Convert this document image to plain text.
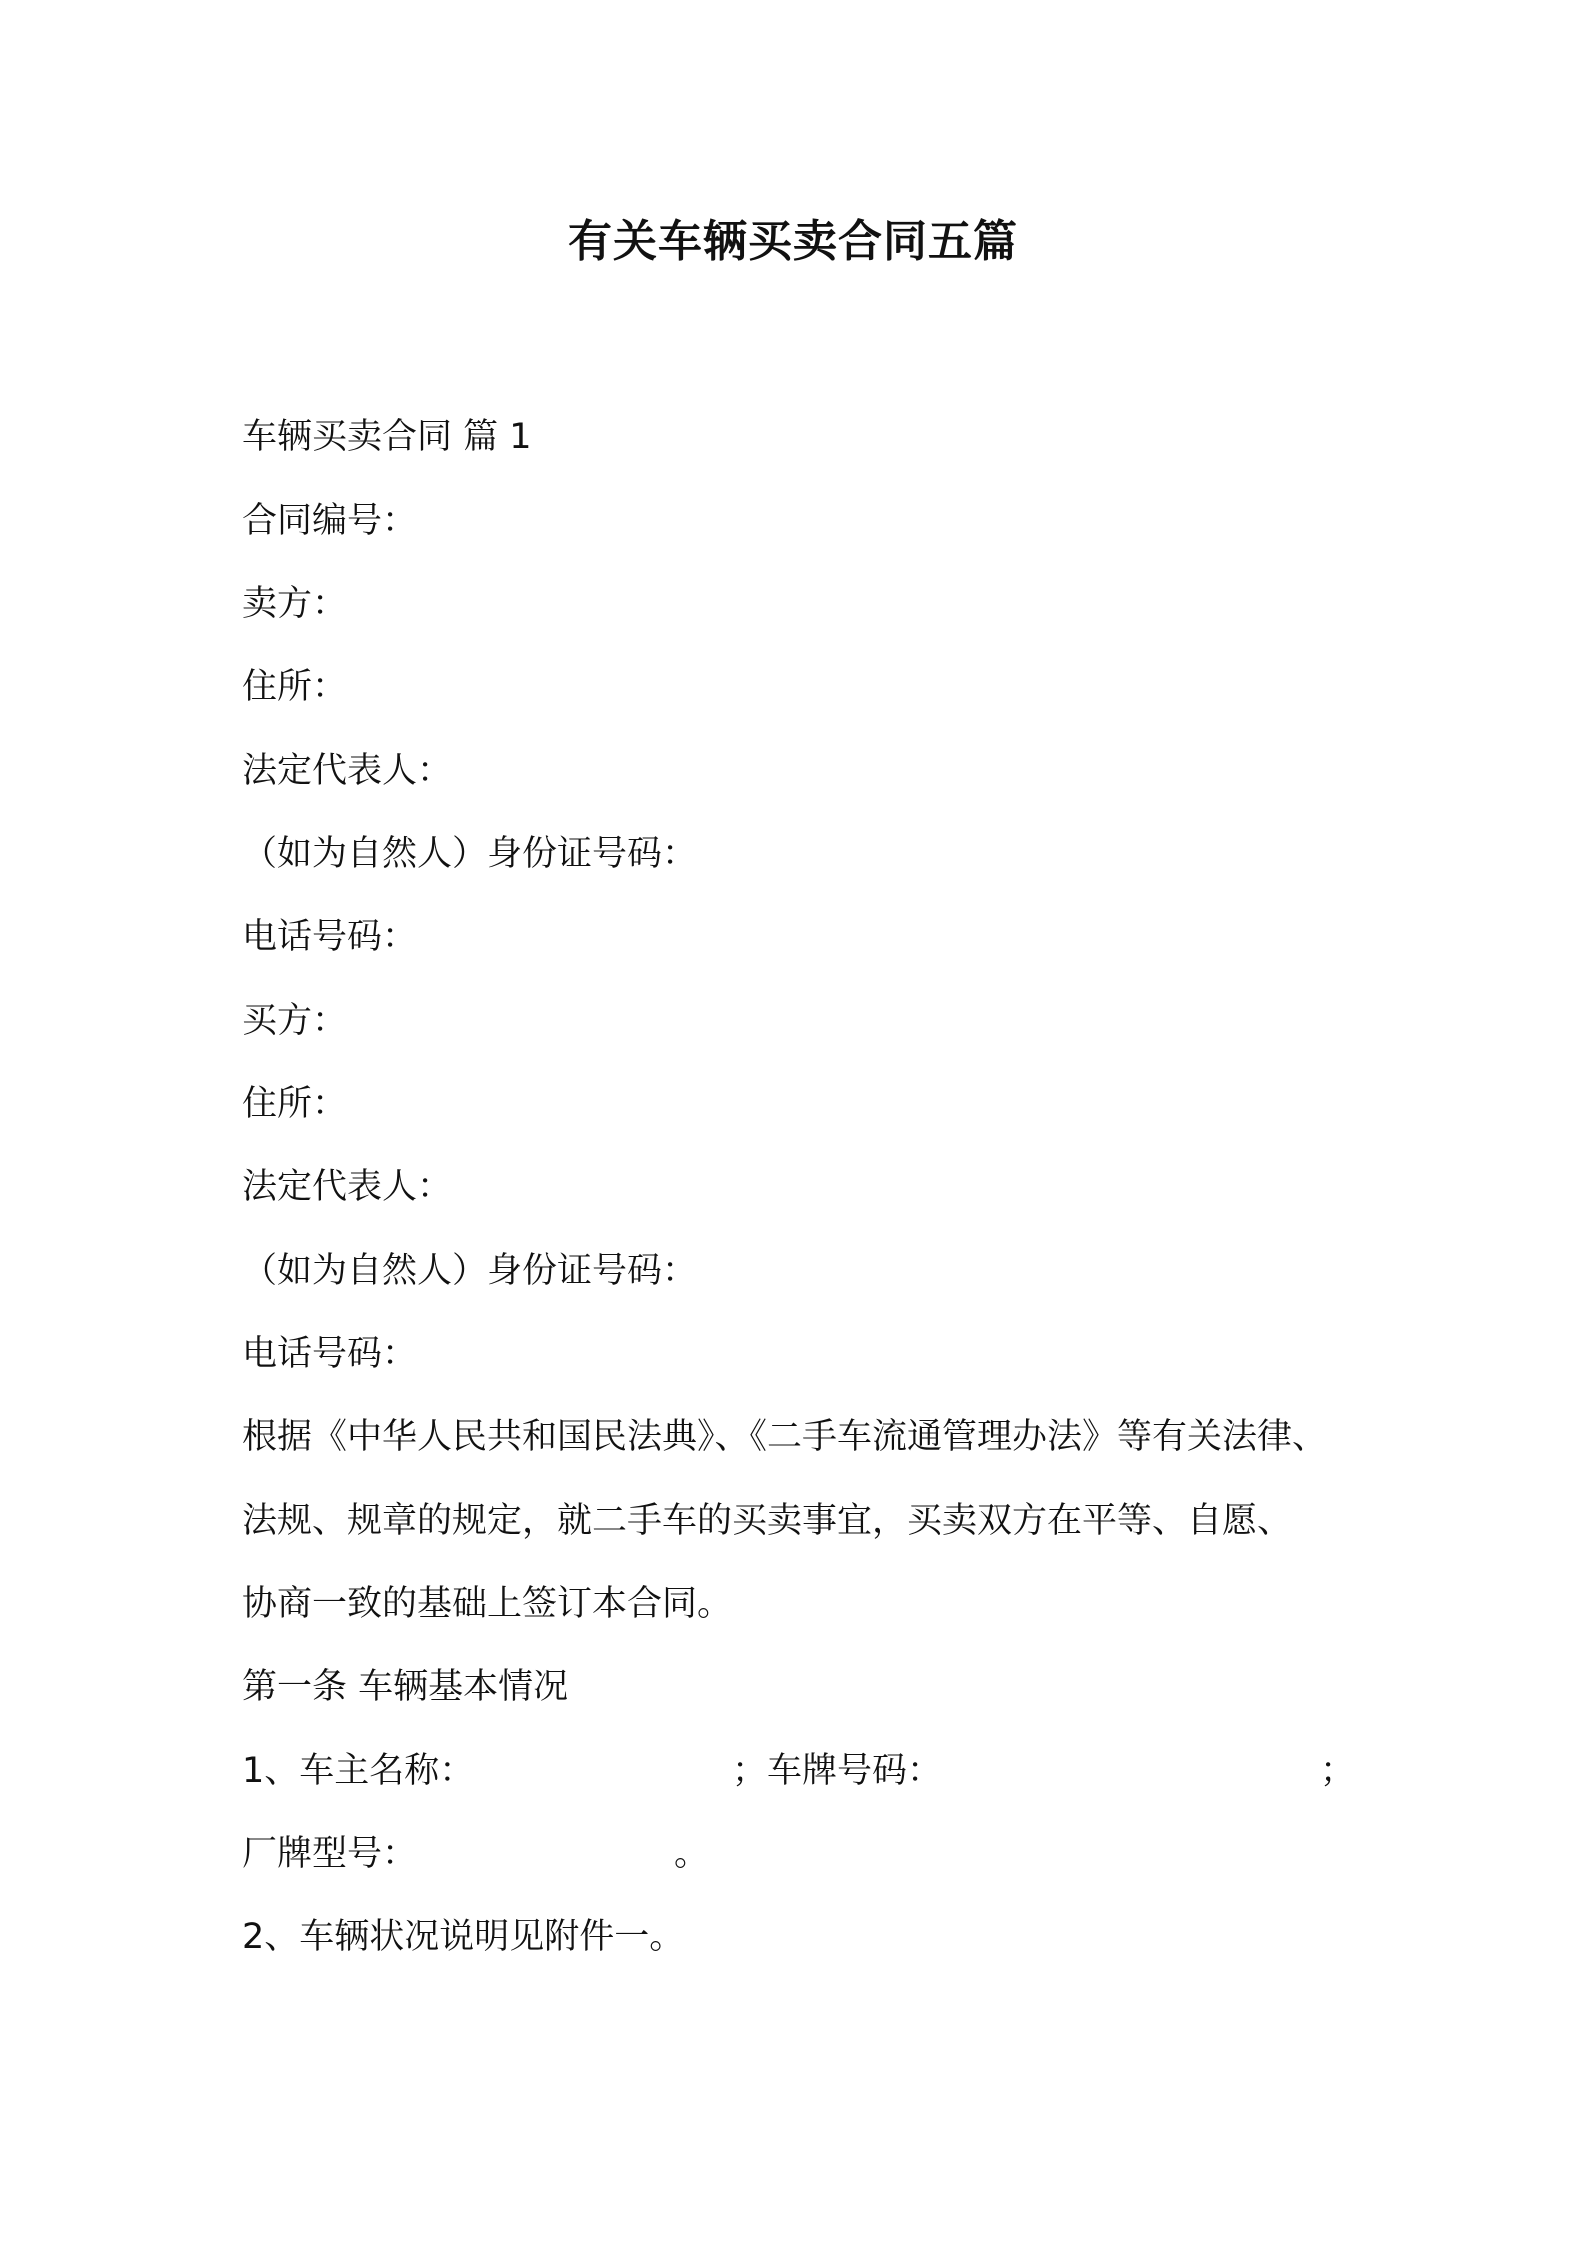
有关车辆买卖合同五篇
车辆买卖合同 篇 1
合同编号：
卖方：
住所：
法定代表人：
（如为自然人）身份证号码：
电话号码：
买方：
住所：
法定代表人：
（如为自然人）身份证号码：
电话号码：
根据《中华人民共和国民法典》、《二手车流通管理办法》等有关法律、
法规、规章的规定，就二手车的买卖事宜，买卖双方在平等、自愿、
协商一致的基础上签订本合同。
第一条 车辆基本情况
1、车主名称：	；车牌号码：	；
厂牌型号：	。
2、车辆状况说明见附件一。
